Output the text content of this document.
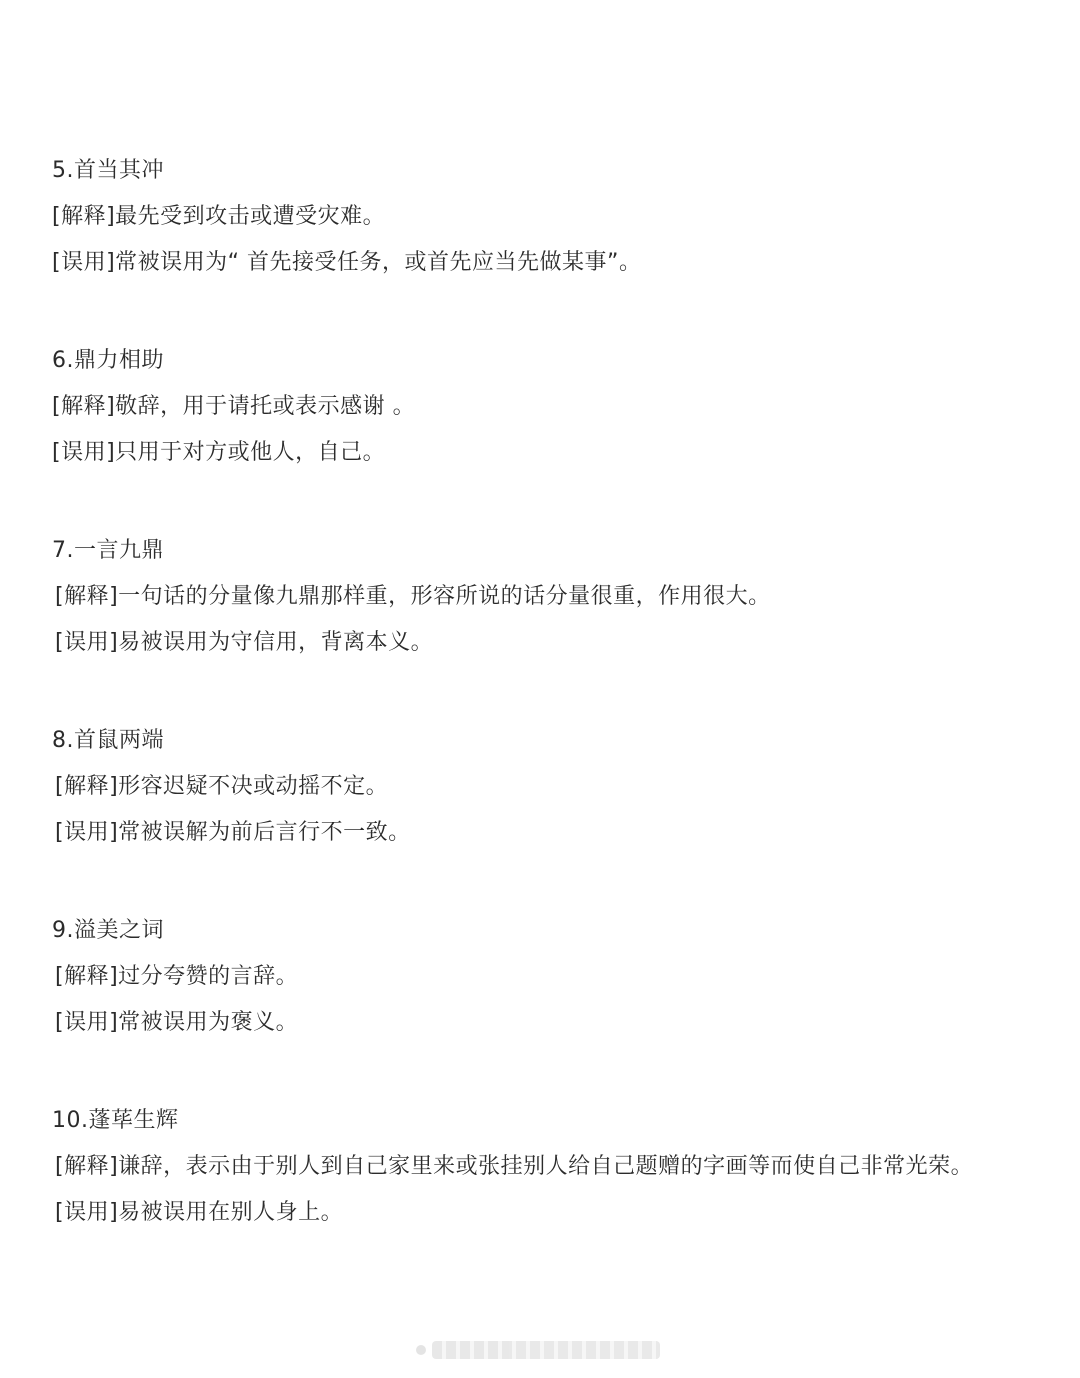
5.首当其冲
[解释]最先受到攻击或遭受灾难。
[误用]常被误用为“ 首先接受任务，或首先应当先做某事”。
6.鼎力相助
[解释]敬辞，用于请托或表示感谢 。
[误用]只用于对方或他人，自己。
7.一言九鼎
[解释]一句话的分量像九鼎那样重，形容所说的话分量很重，作用很大。
[误用]易被误用为守信用，背离本义。
8.首鼠两端
[解释]形容迟疑不决或动摇不定。
[误用]常被误解为前后言行不一致。
9.溢美之词
[解释]过分夸赞的言辞。
[误用]常被误用为褒义。
10.蓬荜生辉
[解释]谦辞，表示由于别人到自己家里来或张挂别人给自己题赠的字画等而使自己非常光荣。
[误用]易被误用在别人身上。
